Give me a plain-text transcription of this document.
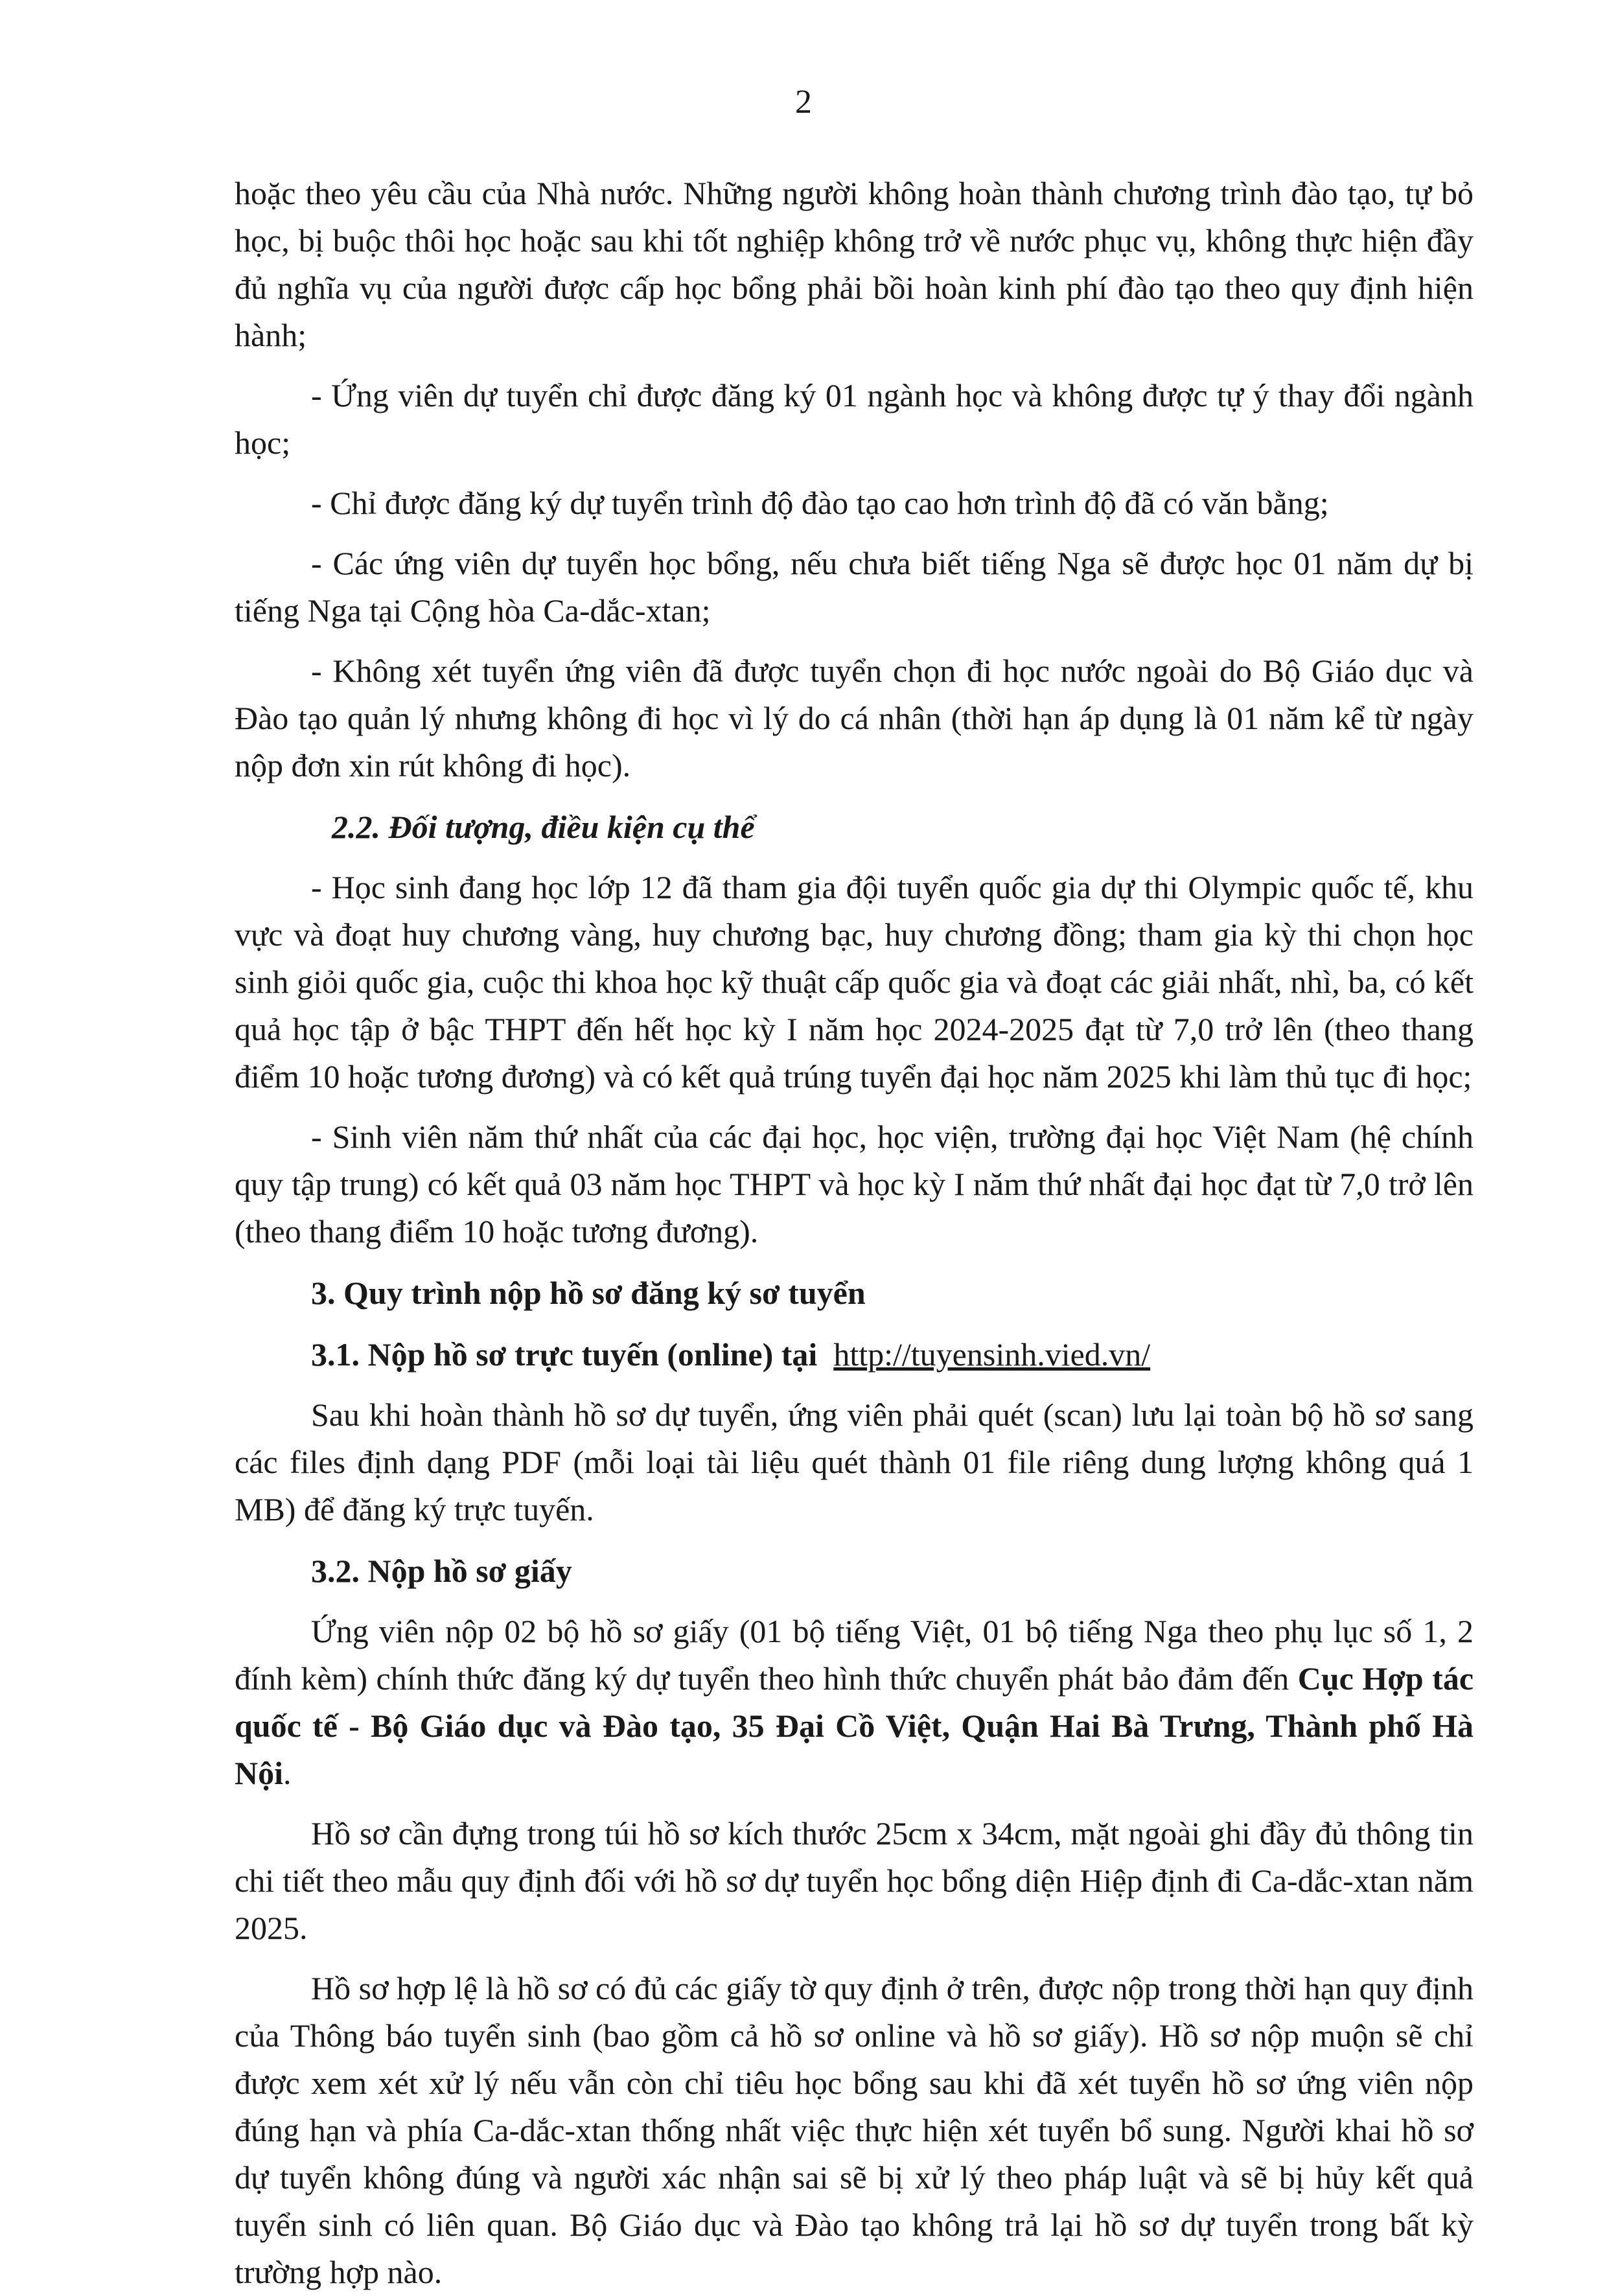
2

hoặc theo yêu cầu của Nhà nước. Những người không hoàn thành chương trình đào tạo, tự bỏ học, bị buộc thôi học hoặc sau khi tốt nghiệp không trở về nước phục vụ, không thực hiện đầy đủ nghĩa vụ của người được cấp học bổng phải bồi hoàn kinh phí đào tạo theo quy định hiện hành;

- Ứng viên dự tuyển chỉ được đăng ký 01 ngành học và không được tự ý thay đổi ngành học;

- Chỉ được đăng ký dự tuyển trình độ đào tạo cao hơn trình độ đã có văn bằng;

- Các ứng viên dự tuyển học bổng, nếu chưa biết tiếng Nga sẽ được học 01 năm dự bị tiếng Nga tại Cộng hòa Ca-dắc-xtan;

- Không xét tuyển ứng viên đã được tuyển chọn đi học nước ngoài do Bộ Giáo dục và Đào tạo quản lý nhưng không đi học vì lý do cá nhân (thời hạn áp dụng là 01 năm kể từ ngày nộp đơn xin rút không đi học).

2.2. Đối tượng, điều kiện cụ thể

- Học sinh đang học lớp 12 đã tham gia đội tuyển quốc gia dự thi Olympic quốc tế, khu vực và đoạt huy chương vàng, huy chương bạc, huy chương đồng; tham gia kỳ thi chọn học sinh giỏi quốc gia, cuộc thi khoa học kỹ thuật cấp quốc gia và đoạt các giải nhất, nhì, ba, có kết quả học tập ở bậc THPT đến hết học kỳ I năm học 2024-2025 đạt từ 7,0 trở lên (theo thang điểm 10 hoặc tương đương) và có kết quả trúng tuyển đại học năm 2025 khi làm thủ tục đi học;

- Sinh viên năm thứ nhất của các đại học, học viện, trường đại học Việt Nam (hệ chính quy tập trung) có kết quả 03 năm học THPT và học kỳ I năm thứ nhất đại học đạt từ 7,0 trở lên (theo thang điểm 10 hoặc tương đương).

3. Quy trình nộp hồ sơ đăng ký sơ tuyển

3.1. Nộp hồ sơ trực tuyến (online) tại http://tuyensinh.vied.vn/

Sau khi hoàn thành hồ sơ dự tuyển, ứng viên phải quét (scan) lưu lại toàn bộ hồ sơ sang các files định dạng PDF (mỗi loại tài liệu quét thành 01 file riêng dung lượng không quá 1 MB) để đăng ký trực tuyến.

3.2. Nộp hồ sơ giấy

Ứng viên nộp 02 bộ hồ sơ giấy (01 bộ tiếng Việt, 01 bộ tiếng Nga theo phụ lục số 1, 2 đính kèm) chính thức đăng ký dự tuyển theo hình thức chuyển phát bảo đảm đến Cục Hợp tác quốc tế - Bộ Giáo dục và Đào tạo, 35 Đại Cồ Việt, Quận Hai Bà Trưng, Thành phố Hà Nội.

Hồ sơ cần đựng trong túi hồ sơ kích thước 25cm x 34cm, mặt ngoài ghi đầy đủ thông tin chi tiết theo mẫu quy định đối với hồ sơ dự tuyển học bổng diện Hiệp định đi Ca-dắc-xtan năm 2025.

Hồ sơ hợp lệ là hồ sơ có đủ các giấy tờ quy định ở trên, được nộp trong thời hạn quy định của Thông báo tuyển sinh (bao gồm cả hồ sơ online và hồ sơ giấy). Hồ sơ nộp muộn sẽ chỉ được xem xét xử lý nếu vẫn còn chỉ tiêu học bổng sau khi đã xét tuyển hồ sơ ứng viên nộp đúng hạn và phía Ca-dắc-xtan thống nhất việc thực hiện xét tuyển bổ sung. Người khai hồ sơ dự tuyển không đúng và người xác nhận sai sẽ bị xử lý theo pháp luật và sẽ bị hủy kết quả tuyển sinh có liên quan. Bộ Giáo dục và Đào tạo không trả lại hồ sơ dự tuyển trong bất kỳ trường hợp nào.
